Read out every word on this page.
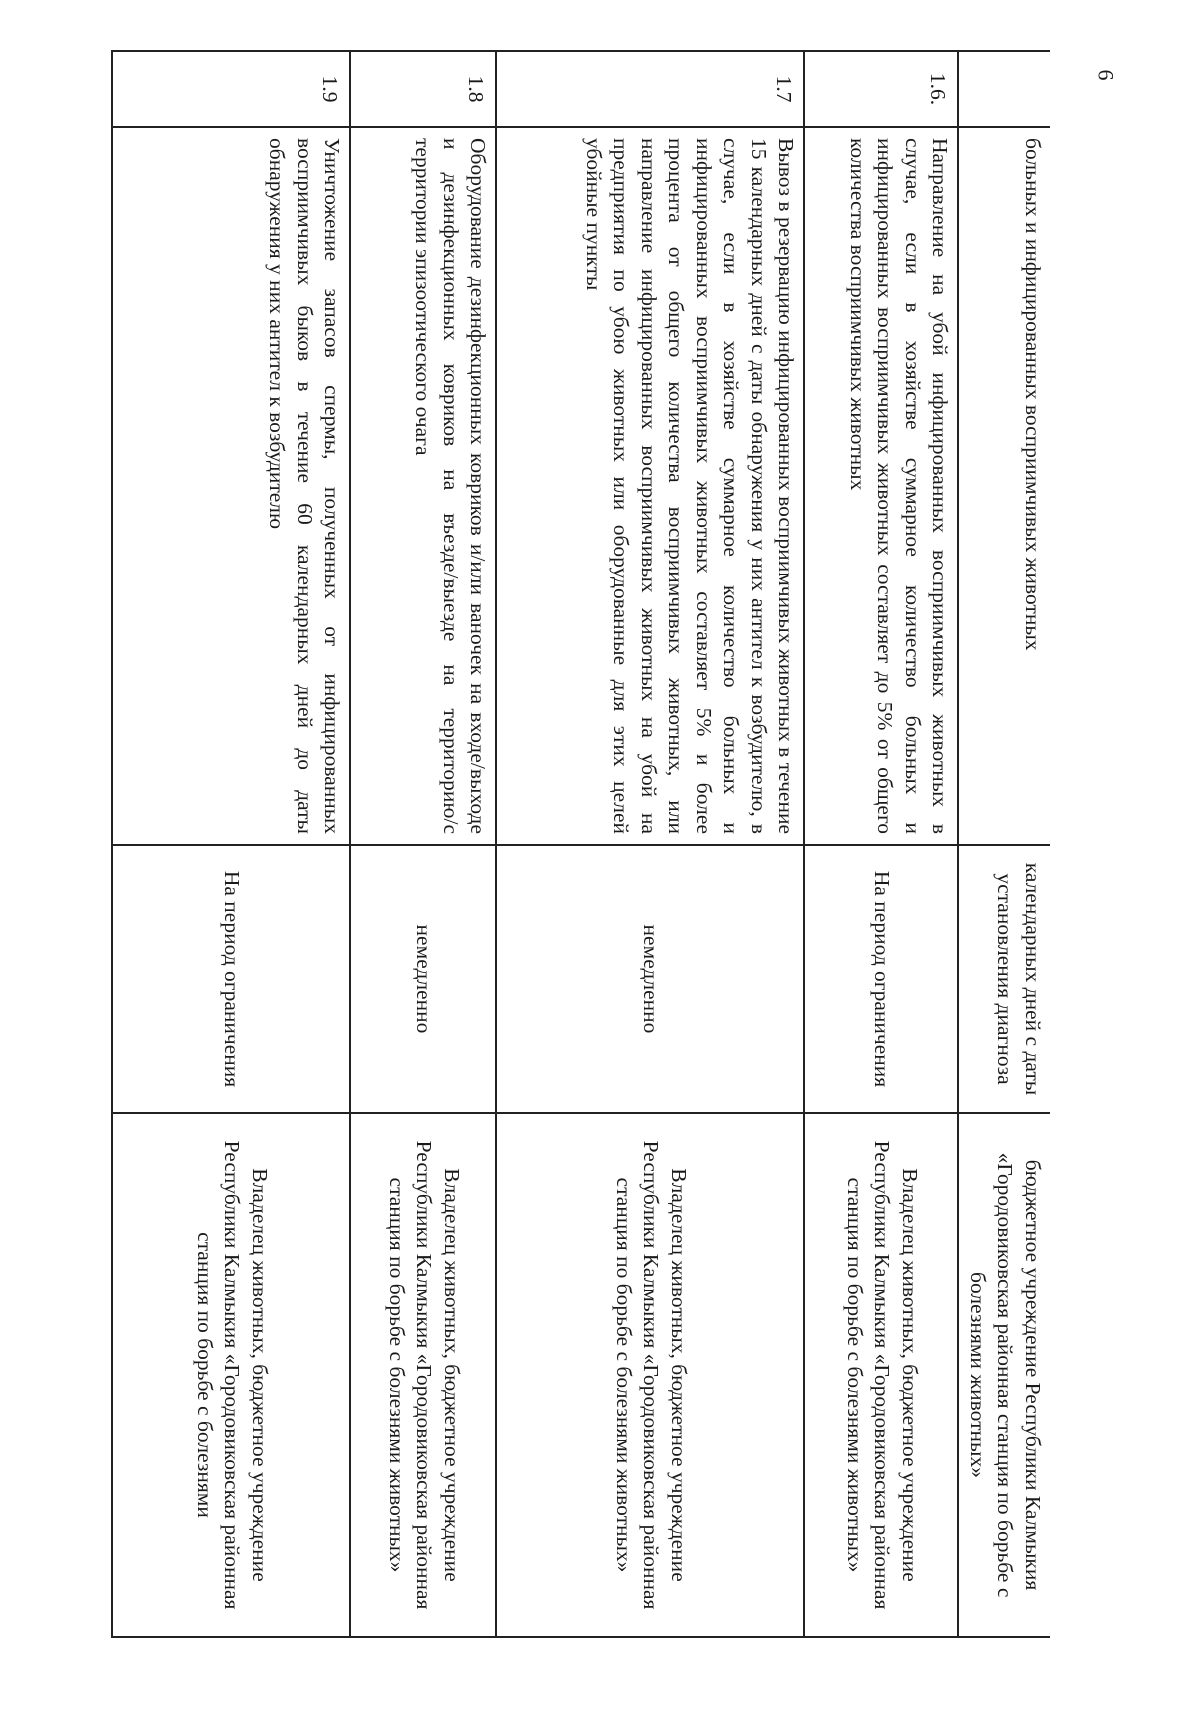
6
	больных и инфицированных восприимчивых животных	календарных дней с даты установления диагноза	бюджетное учреждение Республики Калмыкия «Городовиковская районная станция по борьбе с болезнями животных»
1.6.	Направление на убой инфицированных восприимчивых животных в случае, если в хозяйстве суммарное количество больных и инфицированных восприимчивых животных составляет до 5% от общего количества восприимчивых животных	На период ограничения	Владелец животных, бюджетное учреждение Республики Калмыкия «Городовиковская районная станция по борьбе с болезнями животных»
1.7	Вывоз в резервацию инфицированных восприимчивых животных в течение 15 календарных дней с даты обнаружения у них антител к возбудителю, в случае, если в хозяйстве суммарное количество больных и инфицированных восприимчивых животных составляет 5% и более процента от общего количества восприимчивых животных, или направление инфицированных восприимчивых животных на убой на предприятия по убою животных или оборудованные для этих целей убойные пункты	немедленно	Владелец животных, бюджетное учреждение Республики Калмыкия «Городовиковская районная станция по борьбе с болезнями животных»
1.8	Оборудование дезинфекционных ковриков и/или ваночек на входе/выходе и дезинфекционных ковриков на въезде/выезде на территорию/с территории эпизоотического очага	немедленно	Владелец животных, бюджетное учреждение Республики Калмыкия «Городовиковская районная станция по борьбе с болезнями животных»
1.9	Уничтожение запасов спермы, полученных от инфицированных восприимчивых быков в течение 60 календарных дней до даты обнаружения у них антител к возбудителю	На период ограничения	Владелец животных, бюджетное учреждение Республики Калмыкия «Городовиковская районная станция по борьбе с болезнями
